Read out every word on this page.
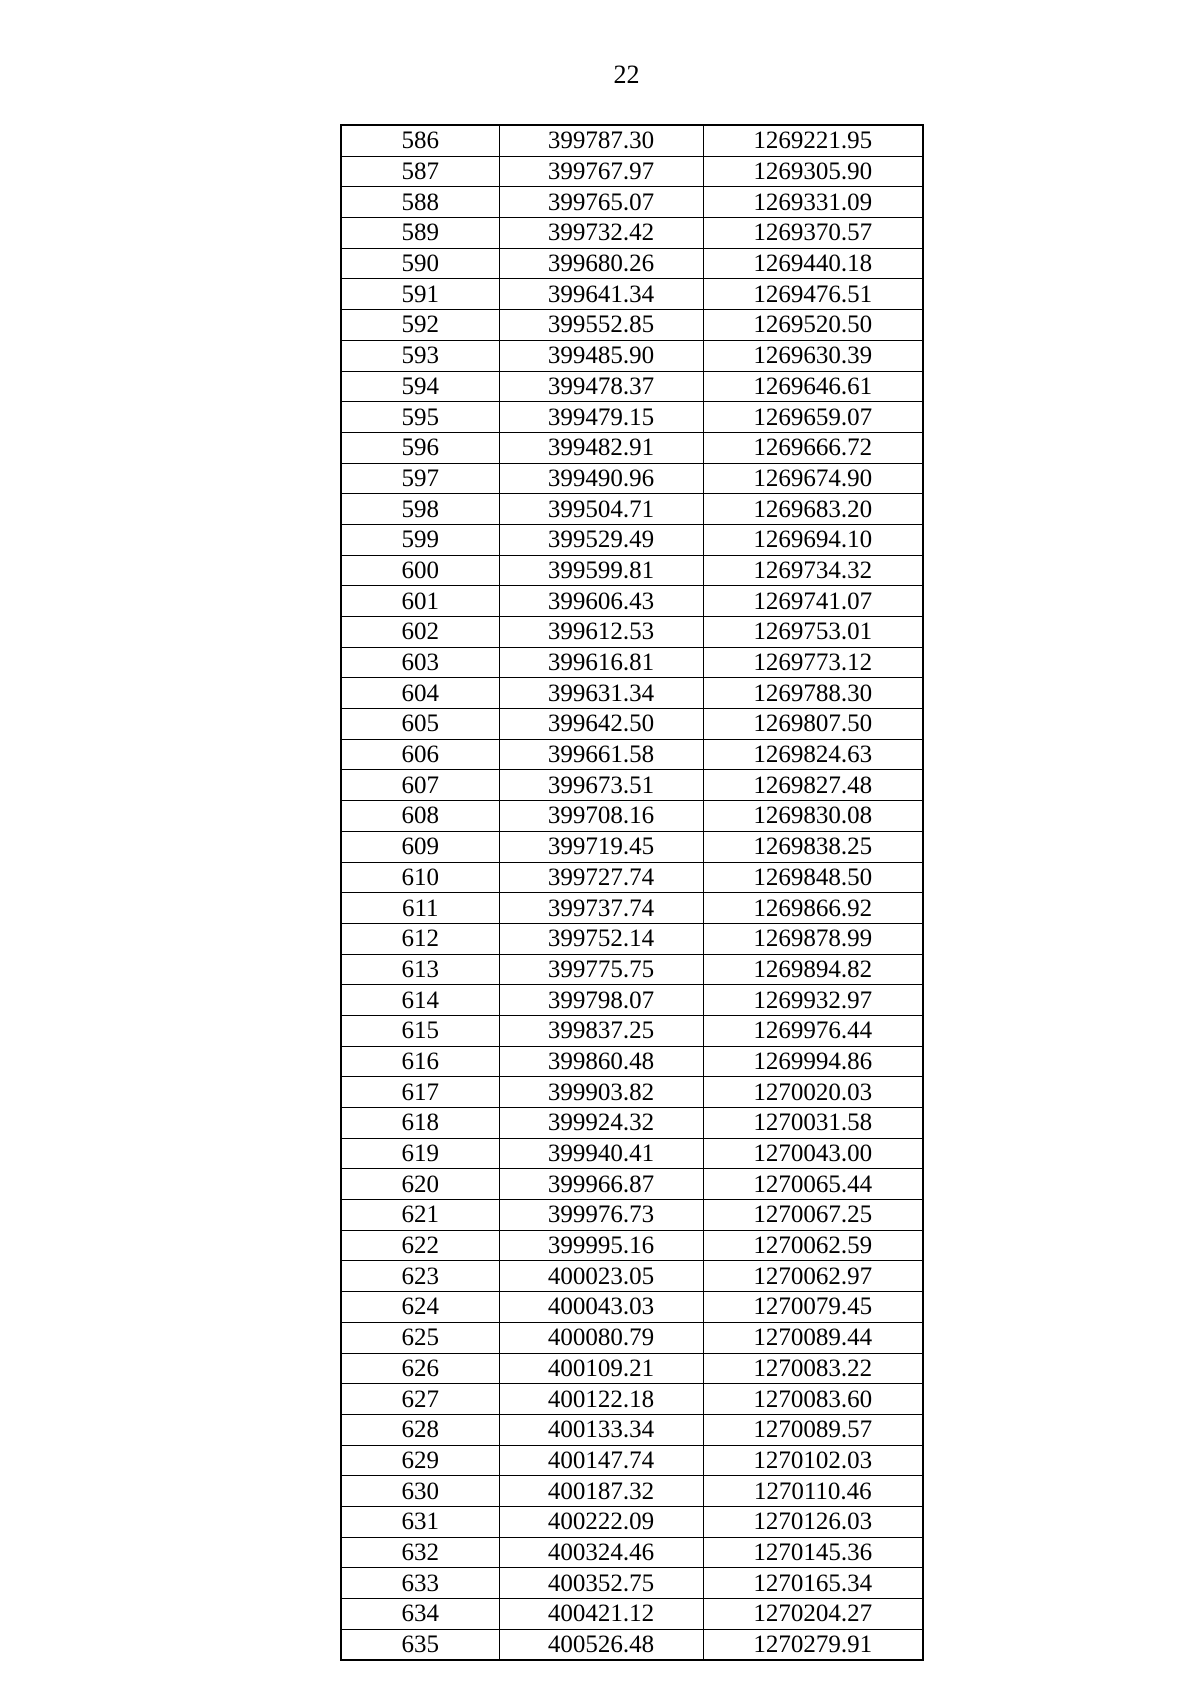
22
586	399787.30	1269221.95
587	399767.97	1269305.90
588	399765.07	1269331.09
589	399732.42	1269370.57
590	399680.26	1269440.18
591	399641.34	1269476.51
592	399552.85	1269520.50
593	399485.90	1269630.39
594	399478.37	1269646.61
595	399479.15	1269659.07
596	399482.91	1269666.72
597	399490.96	1269674.90
598	399504.71	1269683.20
599	399529.49	1269694.10
600	399599.81	1269734.32
601	399606.43	1269741.07
602	399612.53	1269753.01
603	399616.81	1269773.12
604	399631.34	1269788.30
605	399642.50	1269807.50
606	399661.58	1269824.63
607	399673.51	1269827.48
608	399708.16	1269830.08
609	399719.45	1269838.25
610	399727.74	1269848.50
611	399737.74	1269866.92
612	399752.14	1269878.99
613	399775.75	1269894.82
614	399798.07	1269932.97
615	399837.25	1269976.44
616	399860.48	1269994.86
617	399903.82	1270020.03
618	399924.32	1270031.58
619	399940.41	1270043.00
620	399966.87	1270065.44
621	399976.73	1270067.25
622	399995.16	1270062.59
623	400023.05	1270062.97
624	400043.03	1270079.45
625	400080.79	1270089.44
626	400109.21	1270083.22
627	400122.18	1270083.60
628	400133.34	1270089.57
629	400147.74	1270102.03
630	400187.32	1270110.46
631	400222.09	1270126.03
632	400324.46	1270145.36
633	400352.75	1270165.34
634	400421.12	1270204.27
635	400526.48	1270279.91
